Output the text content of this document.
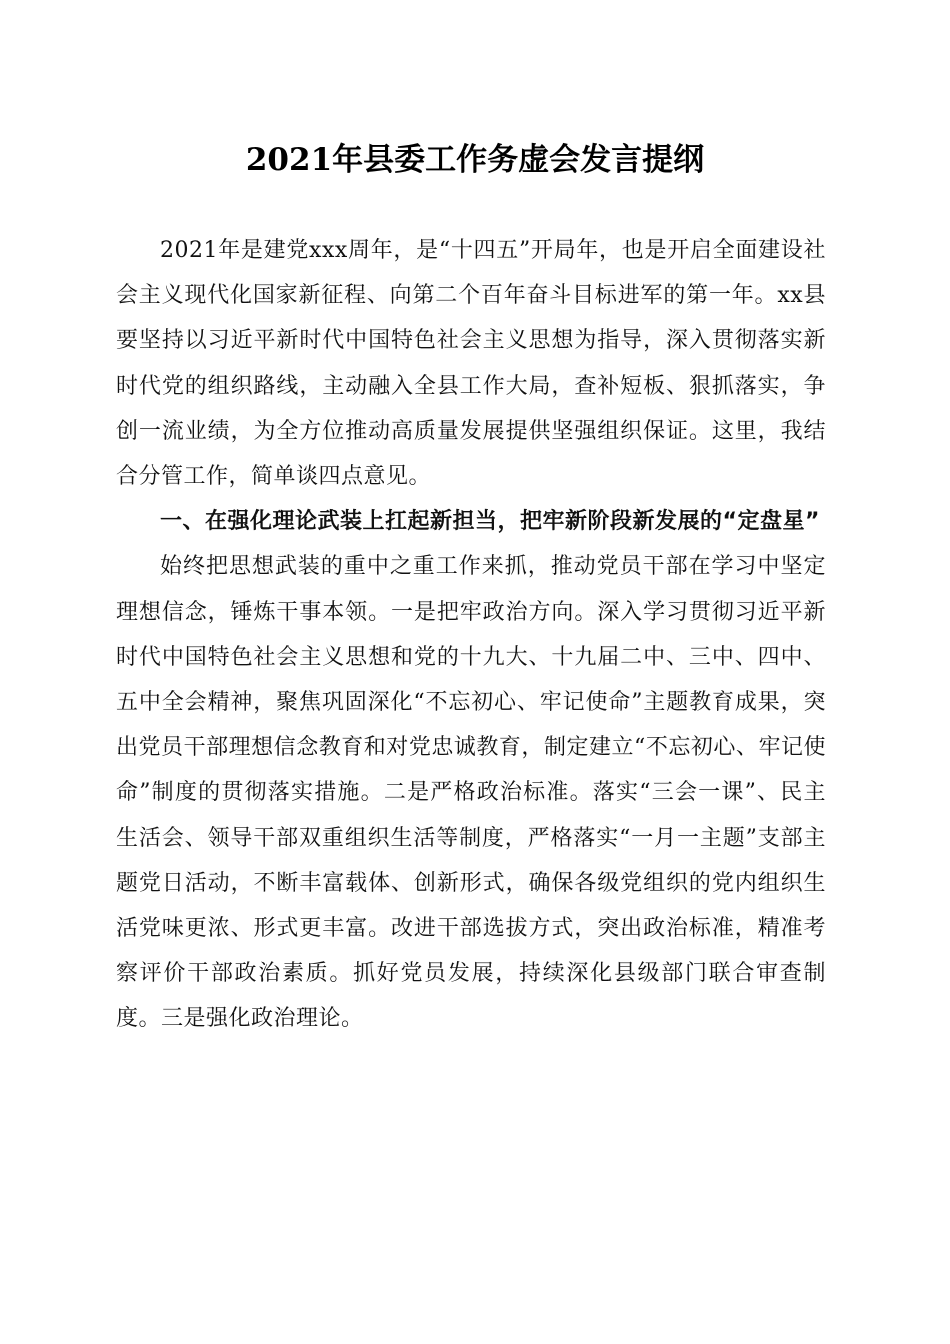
2021年县委工作务虚会发言提纲

2021年是建党xxx周年，是“十四五”开局年，也是开启全面建设社会主义现代化国家新征程、向第二个百年奋斗目标进军的第一年。xx县要坚持以习近平新时代中国特色社会主义思想为指导，深入贯彻落实新时代党的组织路线，主动融入全县工作大局，查补短板、狠抓落实，争创一流业绩，为全方位推动高质量发展提供坚强组织保证。这里，我结合分管工作，简单谈四点意见。

一、在强化理论武装上扛起新担当，把牢新阶段新发展的“定盘星”

始终把思想武装的重中之重工作来抓，推动党员干部在学习中坚定理想信念，锤炼干事本领。一是把牢政治方向。深入学习贯彻习近平新时代中国特色社会主义思想和党的十九大、十九届二中、三中、四中、五中全会精神，聚焦巩固深化“不忘初心、牢记使命”主题教育成果，突出党员干部理想信念教育和对党忠诚教育，制定建立“不忘初心、牢记使命”制度的贯彻落实措施。二是严格政治标准。落实“三会一课”、民主生活会、领导干部双重组织生活等制度，严格落实“一月一主题”支部主题党日活动，不断丰富载体、创新形式，确保各级党组织的党内组织生活党味更浓、形式更丰富。改进干部选拔方式，突出政治标准，精准考察评价干部政治素质。抓好党员发展，持续深化县级部门联合审查制度。三是强化政治理论。
